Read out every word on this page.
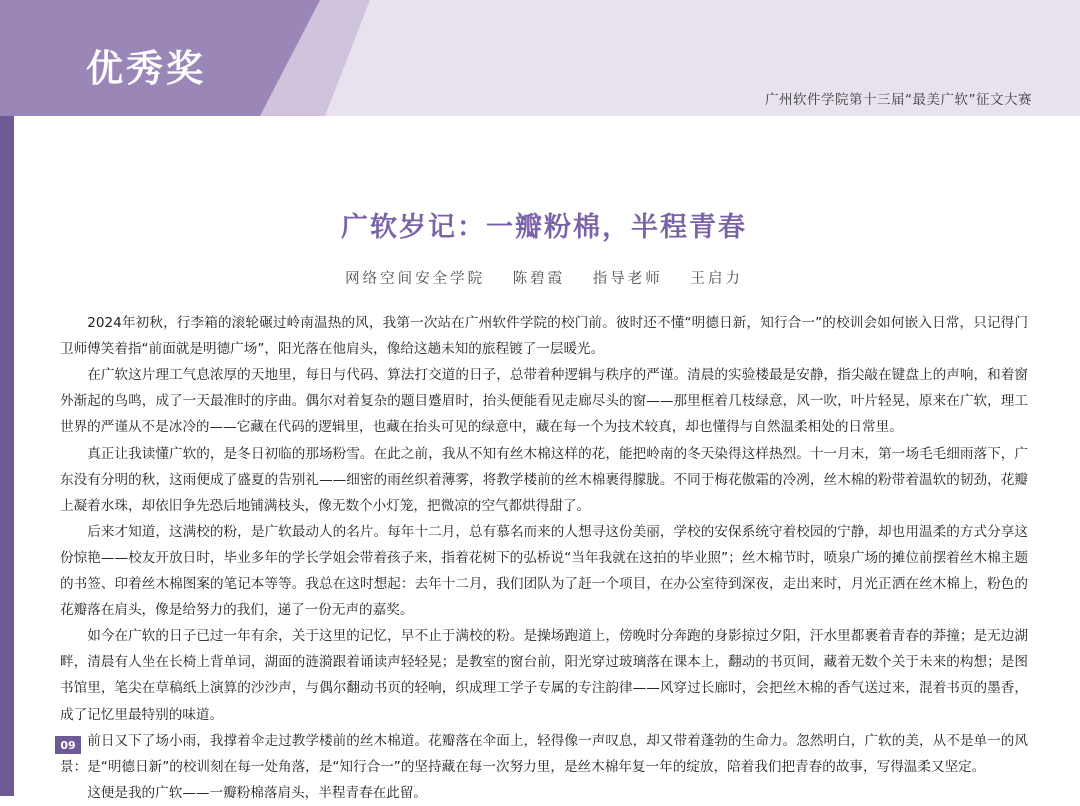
优秀奖
广州软件学院第十三届“最美广软”征文大赛
广软岁记：一瓣粉棉，半程青春
网络空间安全学院 陈碧霞 指导老师 王启力

2024年初秋，行李箱的滚轮碾过岭南温热的风，我第一次站在广州软件学院的校门前。彼时还不懂“明德日新，知行合一”的校训会如何嵌入日常，只记得门卫师傅笑着指“前面就是明德广场”，阳光落在他肩头，像给这趟未知的旅程镀了一层暖光。

在广软这片理工气息浓厚的天地里，每日与代码、算法打交道的日子，总带着种逻辑与秩序的严谨。清晨的实验楼最是安静，指尖敲在键盘上的声响，和着窗外渐起的鸟鸣，成了一天最准时的序曲。偶尔对着复杂的题目蹙眉时，抬头便能看见走廊尽头的窗——那里框着几枝绿意，风一吹，叶片轻晃，原来在广软，理工世界的严谨从不是冰冷的——它藏在代码的逻辑里，也藏在抬头可见的绿意中，藏在每一个为技术较真，却也懂得与自然温柔相处的日常里。

真正让我读懂广软的，是冬日初临的那场粉雪。在此之前，我从不知有丝木棉这样的花，能把岭南的冬天染得这样热烈。十一月末，第一场毛毛细雨落下，广东没有分明的秋，这雨便成了盛夏的告别礼——细密的雨丝织着薄雾，将教学楼前的丝木棉裹得朦胧。不同于梅花傲霜的冷冽，丝木棉的粉带着温软的韧劲，花瓣上凝着水珠，却依旧争先恐后地铺满枝头，像无数个小灯笼，把微凉的空气都烘得甜了。

后来才知道，这满校的粉，是广软最动人的名片。每年十二月，总有慕名而来的人想寻这份美丽，学校的安保系统守着校园的宁静，却也用温柔的方式分享这份惊艳——校友开放日时，毕业多年的学长学姐会带着孩子来，指着花树下的弘桥说“当年我就在这拍的毕业照”；丝木棉节时，喷泉广场的摊位前摆着丝木棉主题的书签、印着丝木棉图案的笔记本等等。我总在这时想起：去年十二月，我们团队为了赶一个项目，在办公室待到深夜，走出来时，月光正洒在丝木棉上，粉色的花瓣落在肩头，像是给努力的我们，递了一份无声的嘉奖。

如今在广软的日子已过一年有余，关于这里的记忆，早不止于满校的粉。是操场跑道上，傍晚时分奔跑的身影掠过夕阳，汗水里都裹着青春的莽撞；是无边湖畔，清晨有人坐在长椅上背单词，湖面的涟漪跟着诵读声轻轻晃；是教室的窗台前，阳光穿过玻璃落在课本上，翻动的书页间，藏着无数个关于未来的构想；是图书馆里，笔尖在草稿纸上演算的沙沙声，与偶尔翻动书页的轻响，织成理工学子专属的专注韵律——风穿过长廊时，会把丝木棉的香气送过来，混着书页的墨香，成了记忆里最特别的味道。

前日又下了场小雨，我撑着伞走过教学楼前的丝木棉道。花瓣落在伞面上，轻得像一声叹息，却又带着蓬勃的生命力。忽然明白，广软的美，从不是单一的风景：是“明德日新”的校训刻在每一处角落，是“知行合一”的坚持藏在每一次努力里，是丝木棉年复一年的绽放，陪着我们把青春的故事，写得温柔又坚定。

这便是我的广软——一瓣粉棉落肩头，半程青春在此留。

09
